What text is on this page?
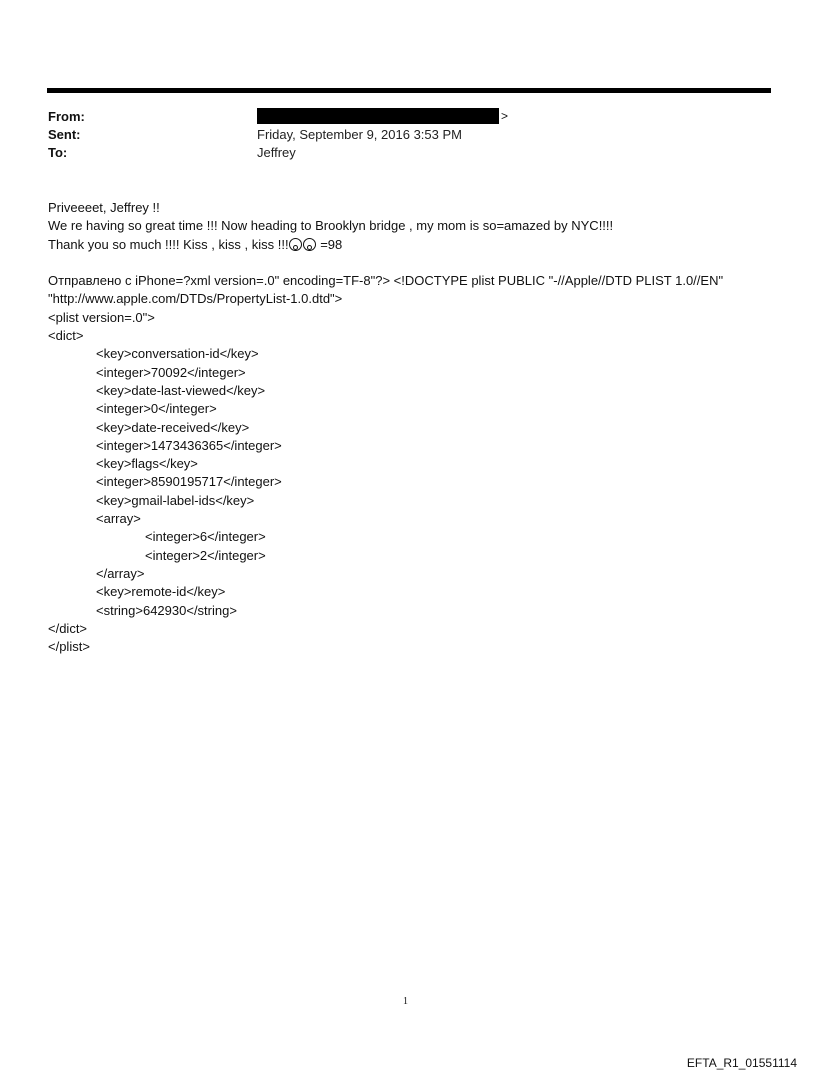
From:	>
Sent:	Friday, September 9, 2016 3:53 PM
To:	Jeffrey
Priveeeet, Jeffrey !!
We re having so great time !!! Now heading to Brooklyn bridge , my mom is so=amazed by NYC!!!!
Thank you so much !!!! Kiss , kiss , kiss !!! =98
Отправлено с iPhone=?xml version=.0" encoding=TF-8"?> <!DOCTYPE plist PUBLIC "-//Apple//DTD PLIST 1.0//EN"
"http://www.apple.com/DTDs/PropertyList-1.0.dtd">
<plist version=.0">
<dict>
<key>conversation-id</key>
<integer>70092</integer>
<key>date-last-viewed</key>
<integer>0</integer>
<key>date-received</key>
<integer>1473436365</integer>
<key>flags</key>
<integer>8590195717</integer>
<key>gmail-label-ids</key>
<array>
<integer>6</integer>
<integer>2</integer>
</array>
<key>remote-id</key>
<string>642930</string>
</dict>
</plist>
1
EFTA_R1_01551114
